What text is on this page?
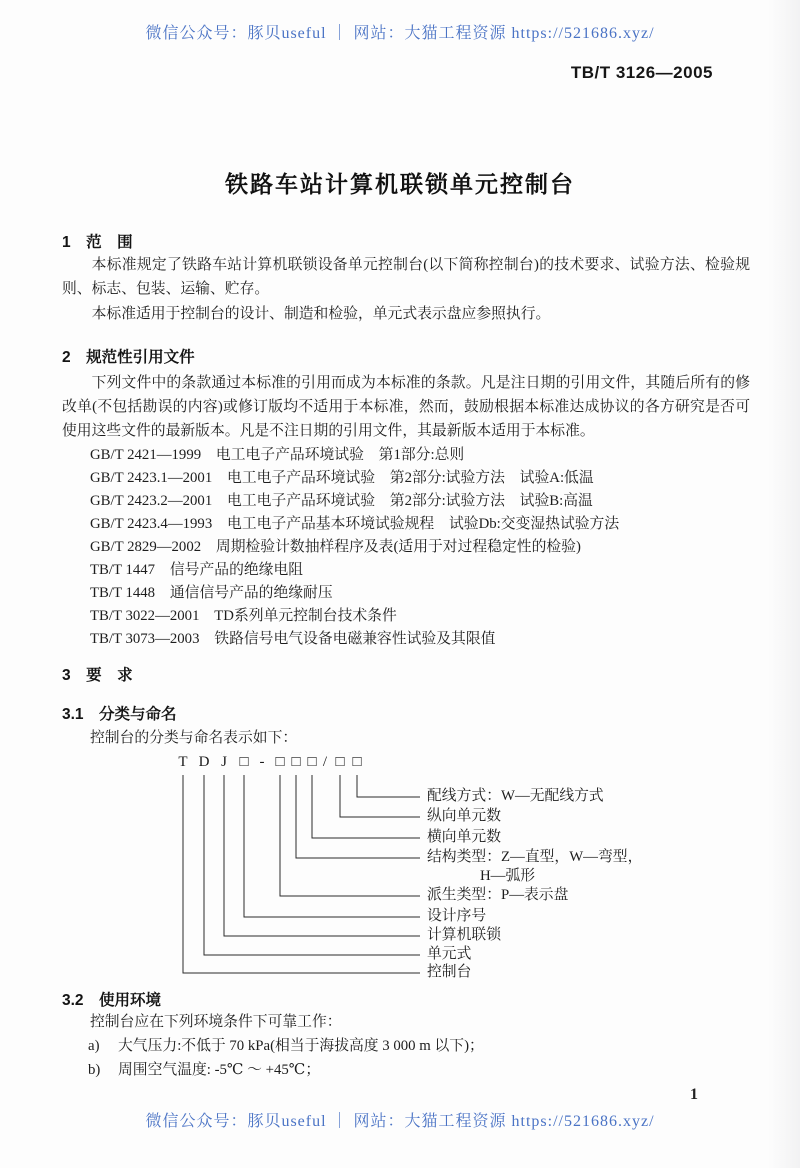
微信公众号：豚贝useful ｜ 网站：大猫工程资源 https://521686.xyz/
TB/T 3126—2005
铁路车站计算机联锁单元控制台
1　范　围

本标准规定了铁路车站计算机联锁设备单元控制台(以下简称控制台)的技术要求、试验方法、检验规则、标志、包装、运输、贮存。

本标准适用于控制台的设计、制造和检验，单元式表示盘应参照执行。

2　规范性引用文件

下列文件中的条款通过本标准的引用而成为本标准的条款。凡是注日期的引用文件，其随后所有的修改单(不包括勘误的内容)或修订版均不适用于本标准，然而，鼓励根据本标准达成协议的各方研究是否可使用这些文件的最新版本。凡是不注日期的引用文件，其最新版本适用于本标准。

GB/T 2421—1999　电工电子产品环境试验　第1部分:总则
GB/T 2423.1—2001　电工电子产品环境试验　第2部分:试验方法　试验A:低温
GB/T 2423.2—2001　电工电子产品环境试验　第2部分:试验方法　试验B:高温
GB/T 2423.4—1993　电工电子产品基本环境试验规程　试验Db:交变湿热试验方法
GB/T 2829—2002　周期检验计数抽样程序及表(适用于对过程稳定性的检验)
TB/T 1447　信号产品的绝缘电阻
TB/T 1448　通信信号产品的绝缘耐压
TB/T 3022—2001　TD系列单元控制台技术条件
TB/T 3073—2003　铁路信号电气设备电磁兼容性试验及其限值
3　要　求
3.1　分类与命名

控制台的分类与命名表示如下：

T D J □ - □ □ □ / □ □
配线方式：W—无配线方式
纵向单元数
横向单元数
结构类型：Z—直型，W—弯型，
H—弧形
派生类型：P—表示盘
设计序号
计算机联锁
单元式
控制台
3.2　使用环境

控制台应在下列环境条件下可靠工作：

a) 大气压力:不低于 70 kPa(相当于海拔高度 3 000 m 以下)；

b) 周围空气温度: -5℃ ～ +45℃；

1
微信公众号：豚贝useful ｜ 网站：大猫工程资源 https://521686.xyz/
